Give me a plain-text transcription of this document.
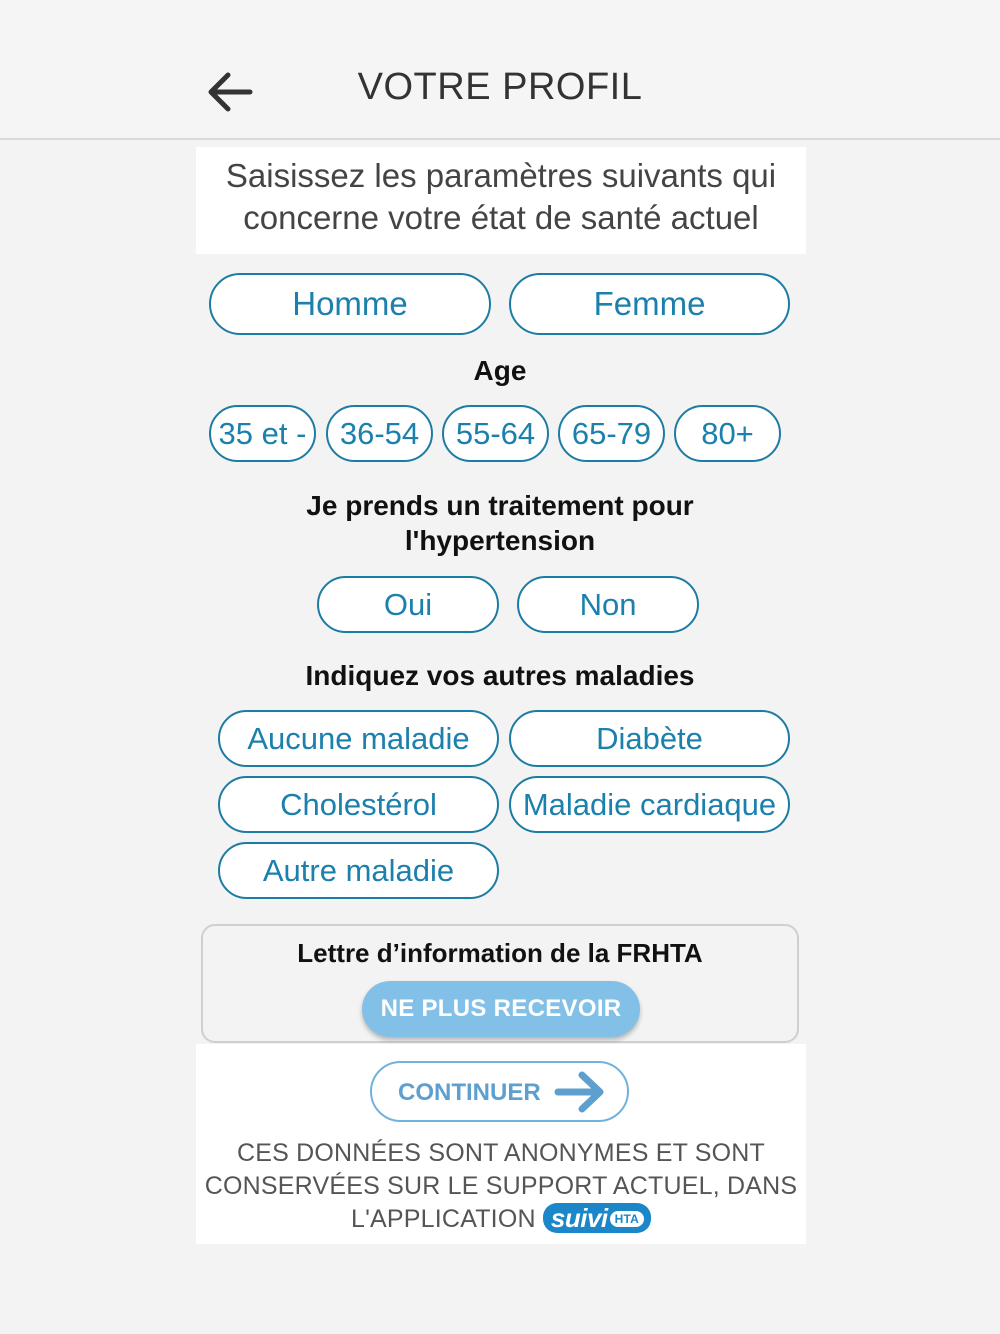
VOTRE PROFIL
Saisissez les paramètres suivants qui
concerne votre état de santé actuel
Homme	Femme
Age
35 et -	36-54	55-64	65-79	80+
Je prends un traitement pour
l'hypertension
Oui	Non
Indiquez vos autres maladies
Aucune maladie	Diabète
Cholestérol	Maladie cardiaque
Autre maladie
Lettre d’information de la FRHTA
NE PLUS RECEVOIR
CONTINUER
CES DONNÉES SONT ANONYMES ET SONT
CONSERVÉES SUR LE SUPPORT ACTUEL, DANS
L'APPLICATION suivi HTA
